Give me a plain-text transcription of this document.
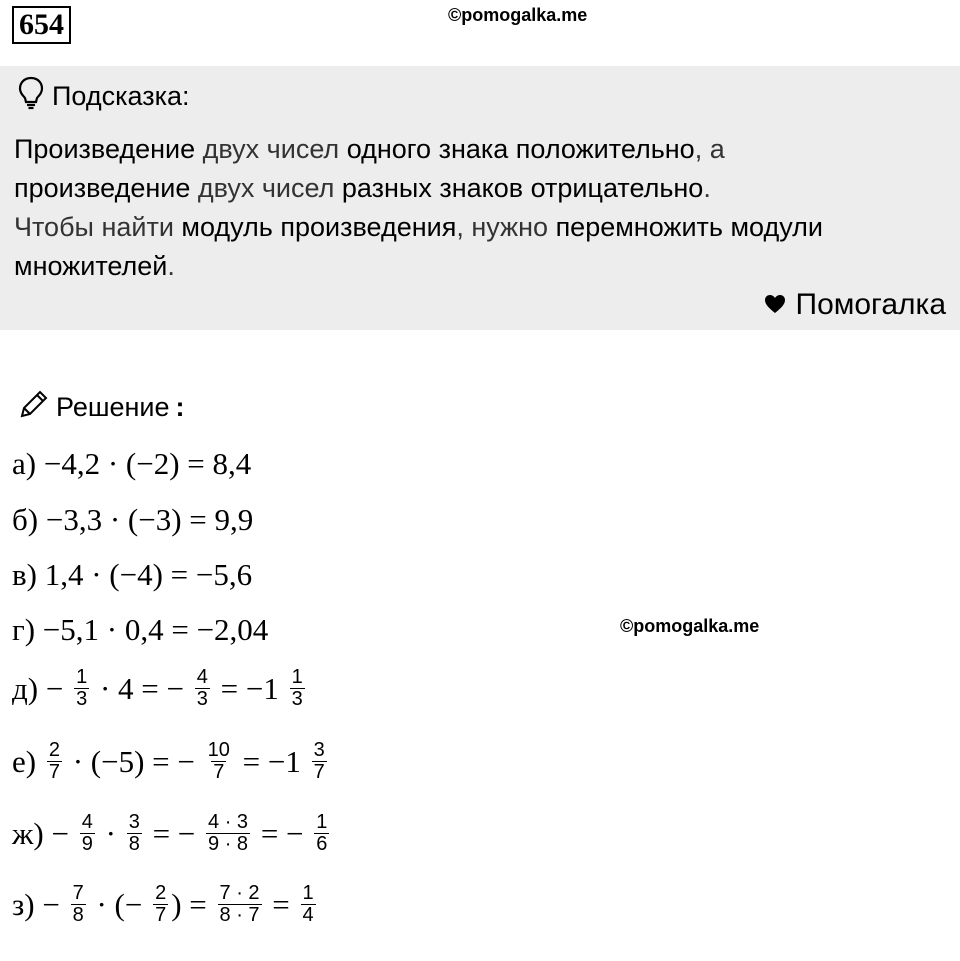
654	©pomogalka.me
Подсказка:
Произведение двух чисел одного знака положительно, а
произведение двух чисел разных знаков отрицательно.
Чтобы найти модуль произведения, нужно перемножить модули
множителей.
Помогалка
Решение :
а) −4,2 · (−2) = 8,4
б) −3,3 · (−3) = 9,9
в) 1,4 · (−4) = −5,6
г) −5,1 · 0,4 = −2,04
$д) - \frac{1}{3} \cdot 4$ = − $\frac{4}{3} = -1 \frac{1}{3}$
$е) \frac{2}{7} \cdot (-5)$ = − $\frac{10}{7} = -1 \frac{3}{7}$
$ж) - \frac{4}{9} \cdot \frac{3}{8}$ = − $\frac{4 \cdot 3}{9 \cdot 8}$ = − $\frac{1}{6}$
$з) - \frac{7}{8}$ · (− $\frac{2}{7}$ ) = $\frac{7 \cdot 2}{8 \cdot 7} = \frac{1}{4}$
©pomogalka.me
